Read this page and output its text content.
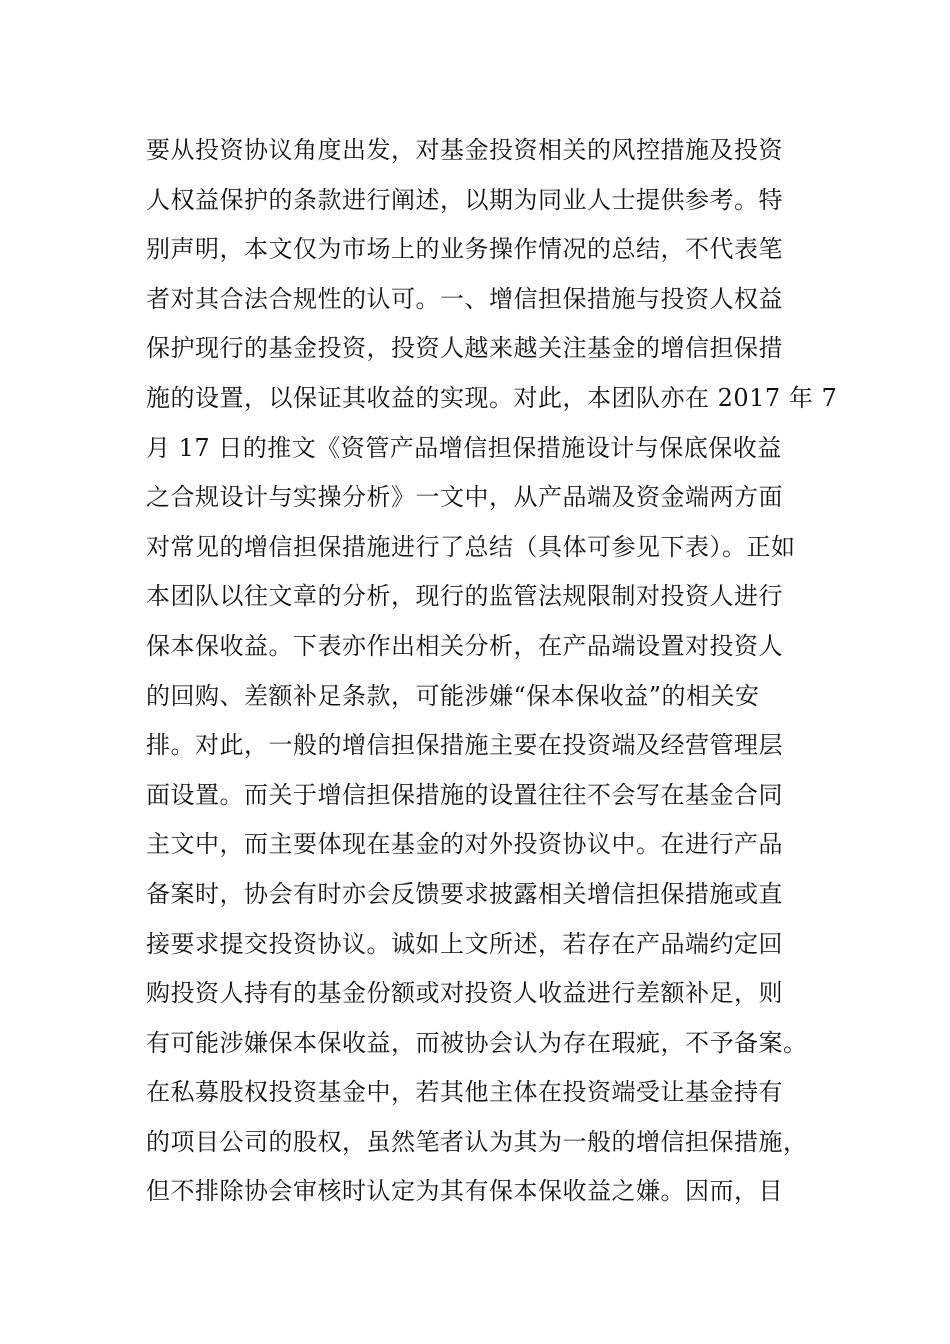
要从投资协议角度出发，对基金投资相关的风控措施及投资
人权益保护的条款进行阐述，以期为同业人士提供参考。特
别声明，本文仅为市场上的业务操作情况的总结，不代表笔
者对其合法合规性的认可。一、增信担保措施与投资人权益
保护现行的基金投资，投资人越来越关注基金的增信担保措
施的设置，以保证其收益的实现。对此，本团队亦在 2017 年 7
月 17 日的推文《资管产品增信担保措施设计与保底保收益
之合规设计与实操分析》一文中，从产品端及资金端两方面
对常见的增信担保措施进行了总结（具体可参见下表）。正如
本团队以往文章的分析，现行的监管法规限制对投资人进行
保本保收益。下表亦作出相关分析，在产品端设置对投资人
的回购、差额补足条款，可能涉嫌“保本保收益”的相关安
排。对此，一般的增信担保措施主要在投资端及经营管理层
面设置。而关于增信担保措施的设置往往不会写在基金合同
主文中，而主要体现在基金的对外投资协议中。在进行产品
备案时，协会有时亦会反馈要求披露相关增信担保措施或直
接要求提交投资协议。诚如上文所述，若存在产品端约定回
购投资人持有的基金份额或对投资人收益进行差额补足，则
有可能涉嫌保本保收益，而被协会认为存在瑕疵，不予备案。
在私募股权投资基金中，若其他主体在投资端受让基金持有
的项目公司的股权，虽然笔者认为其为一般的增信担保措施，
但不排除协会审核时认定为其有保本保收益之嫌。因而，目
